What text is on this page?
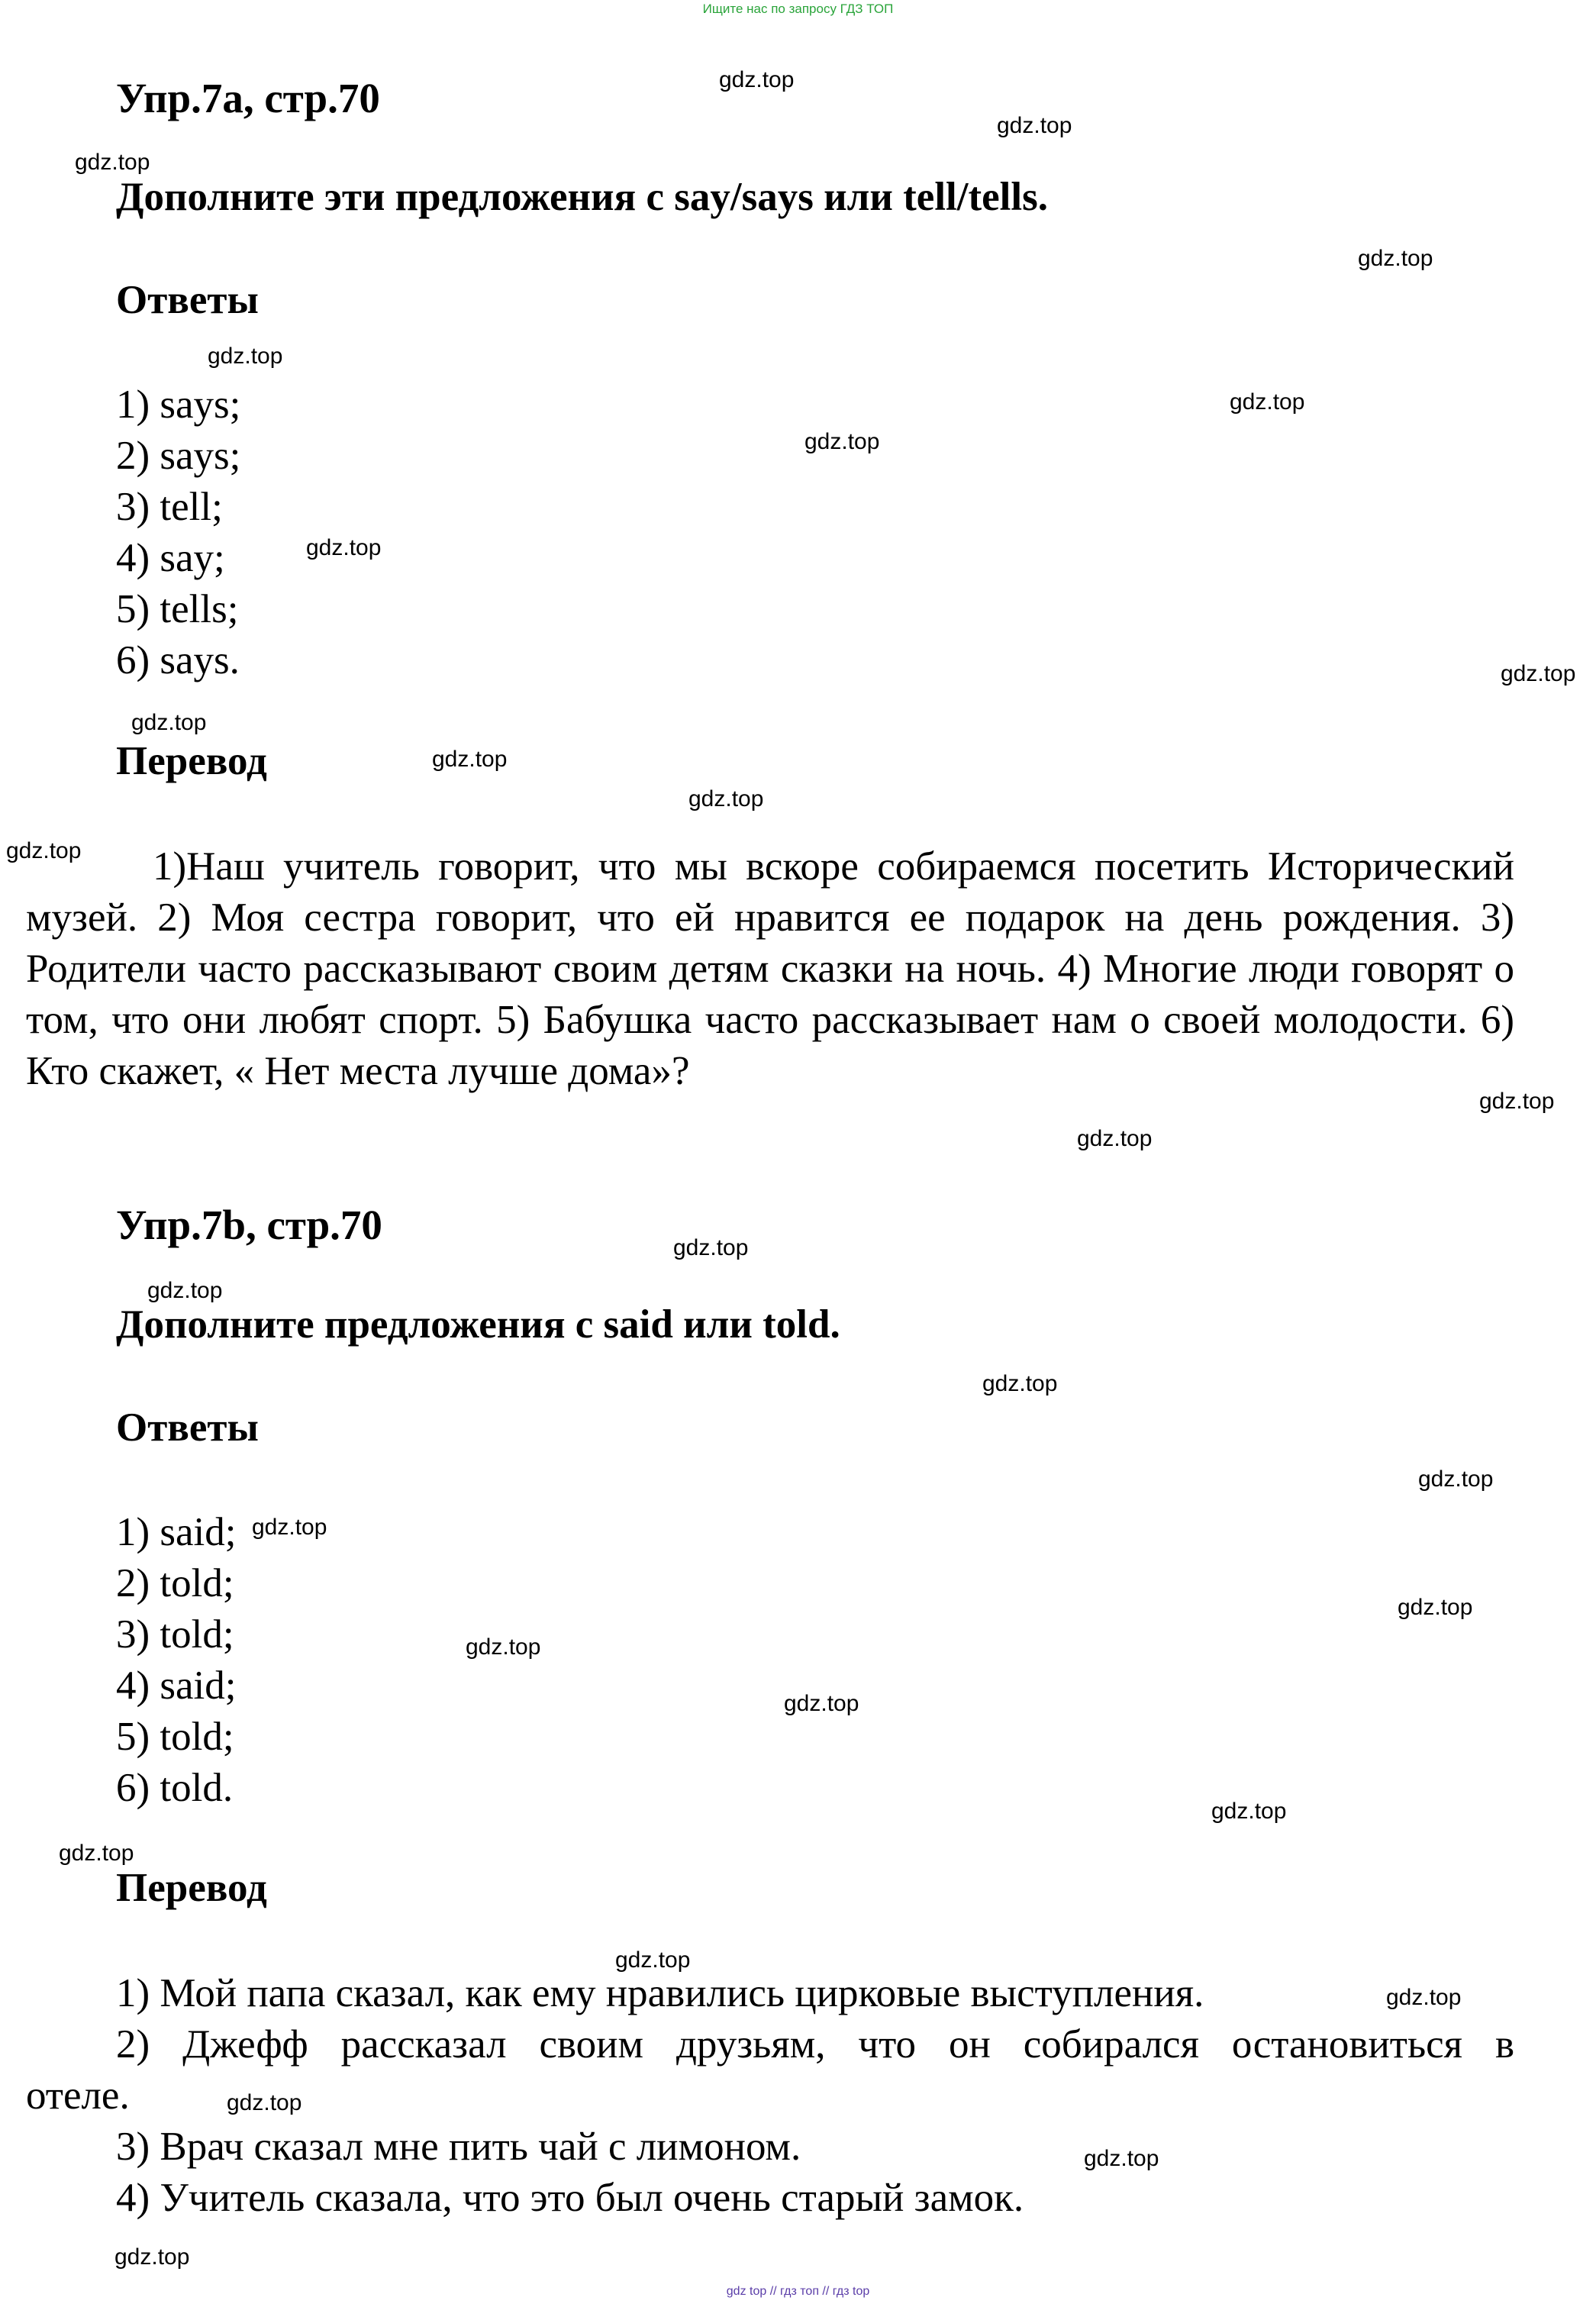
Ищите нас по запросу ГДЗ ТОП
Упр.7a, стр.70

Дополните эти предложения с say/says или tell/tells.

Ответы
1) says;
2) says;
3) tell;
4) say;
5) tells;
6) says.
Перевод

1)Наш учитель говорит, что мы вскоре собираемся посетить Исторический музей. 2) Моя сестра говорит, что ей нравится ее подарок на день рождения. 3) Родители часто рассказывают своим детям сказки на ночь. 4) Многие люди говорят о том, что они любят спорт. 5) Бабушка часто рассказывает нам о своей молодости. 6) Кто скажет, « Нет места лучше дома»?

Упр.7b, стр.70

Дополните предложения с said или told.

Ответы
1) said;
2) told;
3) told;
4) said;
5) told;
6) told.
Перевод

1) Мой папа сказал, как ему нравились цирковые выступления.

2) Джефф рассказал своим друзьям, что он собирался остановиться в

отеле.

3) Врач сказал мне пить чай с лимоном.

4) Учитель сказала, что это был очень старый замок.

gdz.top
gdz.top
gdz.top
gdz.top
gdz.top
gdz.top
gdz.top
gdz.top
gdz.top
gdz.top
gdz.top
gdz.top
gdz.top
gdz.top
gdz.top
gdz.top
gdz.top
gdz.top
gdz.top
gdz.top
gdz.top
gdz.top
gdz.top
gdz.top
gdz.top
gdz.top
gdz.top
gdz.top
gdz.top
gdz.top
gdz top // гдз топ // гдз top
